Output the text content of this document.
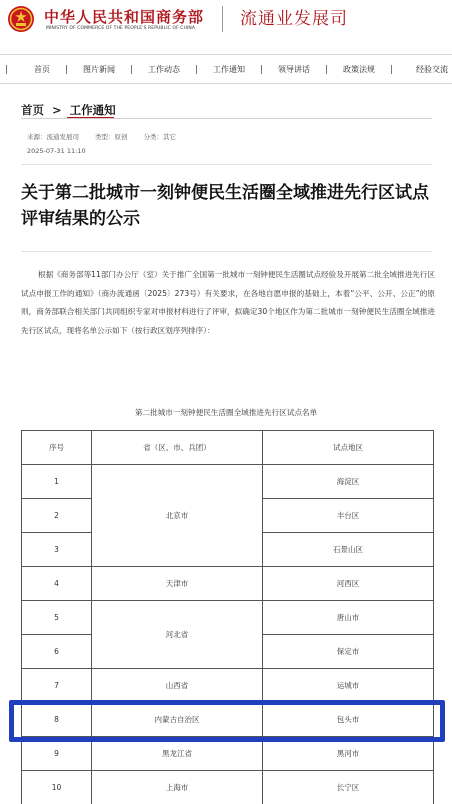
中华人民共和国商务部
MINISTRY OF COMMERCE OF THE PEOPLE'S REPUBLIC OF CHINA	流通业发展司
首页	图片新闻	工作动态	工作通知	领导讲话	政策法规	经验交流
首页 > 工作通知
来源：流通发展司 类型：原创 分类：其它
2025-07-31 11:10
关于第二批城市一刻钟便民生活圈全域推进先行区试点评审结果的公示
根据《商务部等11部门办公厅（室）关于推广全国第一批城市一刻钟便民生活圈试点经验及开展第二批全域推进先行区试点申报工作的通知》（商办流通函〔2025〕273号）有关要求，在各地自愿申报的基础上，本着“公平、公开、公正”的原则，商务部联合相关部门共同组织专家对申报材料进行了评审，拟确定30个地区作为第二批城市一刻钟便民生活圈全域推进先行区试点，现将名单公示如下（按行政区划序列排序）：
第二批城市一刻钟便民生活圈全域推进先行区试点名单
序号	省（区、市、兵团）	试点地区
1	北京市	海淀区
2		丰台区
3		石景山区
4	天津市	河西区
5	河北省	唐山市
6		保定市
7	山西省	运城市
8	内蒙古自治区	包头市
9	黑龙江省	黑河市
10	上海市	长宁区
